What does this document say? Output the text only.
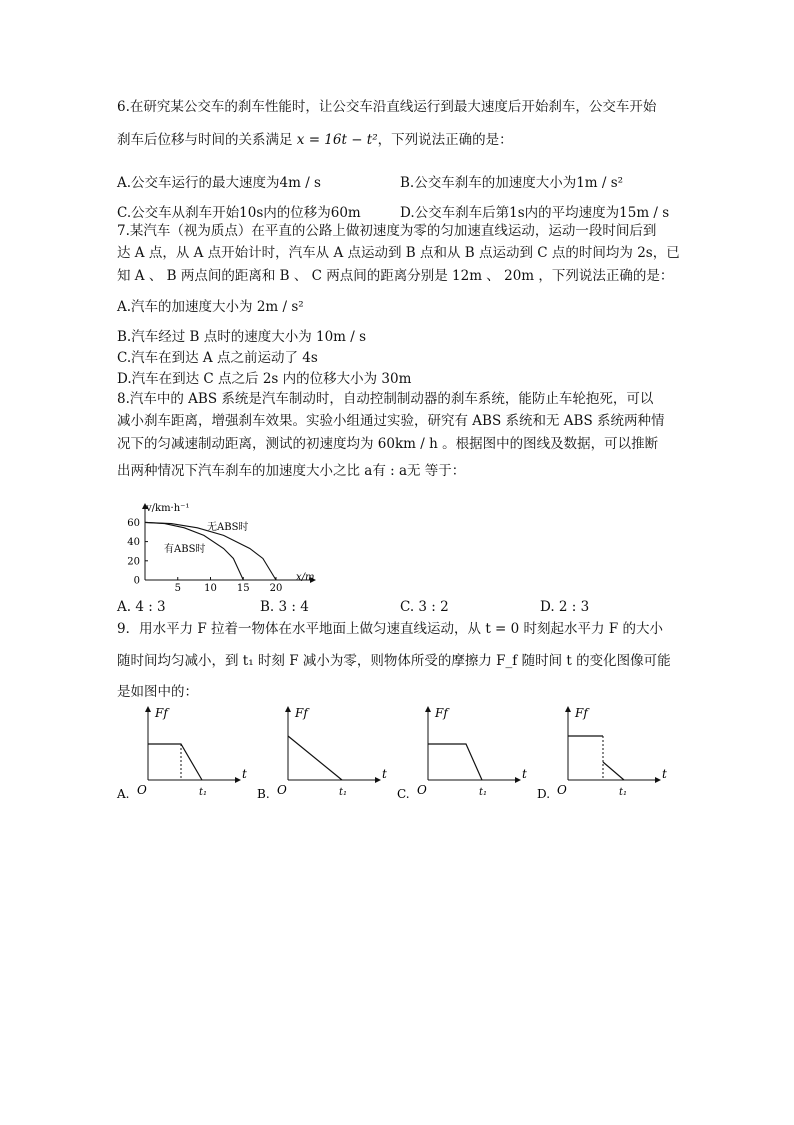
6.在研究某公交车的刹车性能时，让公交车沿直线运行到最大速度后开始刹车，公交车开始
刹车后位移与时间的关系满足 x = 16t − t²，下列说法正确的是：
A.公交车运行的最大速度为4m / s	B.公交车刹车的加速度大小为1m / s²
C.公交车从刹车开始10s内的位移为60m	D.公交车刹车后第1s内的平均速度为15m / s
7.某汽车（视为质点）在平直的公路上做初速度为零的匀加速直线运动，运动一段时间后到
达 A 点，从 A 点开始计时，汽车从 A 点运动到 B 点和从 B 点运动到 C 点的时间均为 2s，已
知 A 、 B 两点间的距离和 B 、 C 两点间的距离分别是 12m 、 20m ，下列说法正确的是：
A.汽车的加速度大小为 2m / s²
B.汽车经过 B 点时的速度大小为 10m / s
C.汽车在到达 A 点之前运动了 4s
D.汽车在到达 C 点之后 2s 内的位移大小为 30m
8.汽车中的 ABS 系统是汽车制动时，自动控制制动器的刹车系统，能防止车轮抱死，可以
减小刹车距离，增强刹车效果。实验小组通过实验，研究有 ABS 系统和无 ABS 系统两种情
况下的匀减速制动距离，测试的初速度均为 60km / h 。根据图中的图线及数据，可以推断
出两种情况下汽车刹车的加速度大小之比 a有 : a无 等于：
v/km·h⁻¹
x/m
5 10 15 20
0
20
40
60	无ABS时
有ABS时
A. 4 : 3	B. 3 : 4	C. 3 : 2	D. 2 : 3
9．用水平力 F 拉着一物体在水平地面上做匀速直线运动，从 t = 0 时刻起水平力 F 的大小
随时间均匀减小，到 t₁ 时刻 F 减小为零，则物体所受的摩擦力 F_f 随时间 t 的变化图像可能
是如图中的：
A.
Ff
O
t
t₁	B.
Ff
O
t
t₁	C.
Ff
O
t
t₁	D.
Ff
O
t
t₁
